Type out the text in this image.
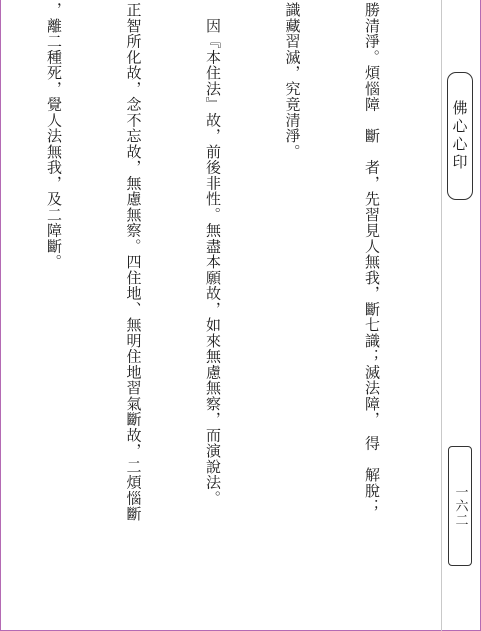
勝清淨。煩惱障　斷　者，先習見人無我，斷七識；滅法障，　得　解脫；

識藏習滅，究竟清淨。

　因『本住法』故，前後非性。無盡本願故，如來無慮無察，而演說法。

正智所化故，念不忘故，無慮無察。四住地、無明住地習氣斷故，二煩惱斷

，離二種死，覺人法無我，及二障斷。

	佛心心印
一六二
